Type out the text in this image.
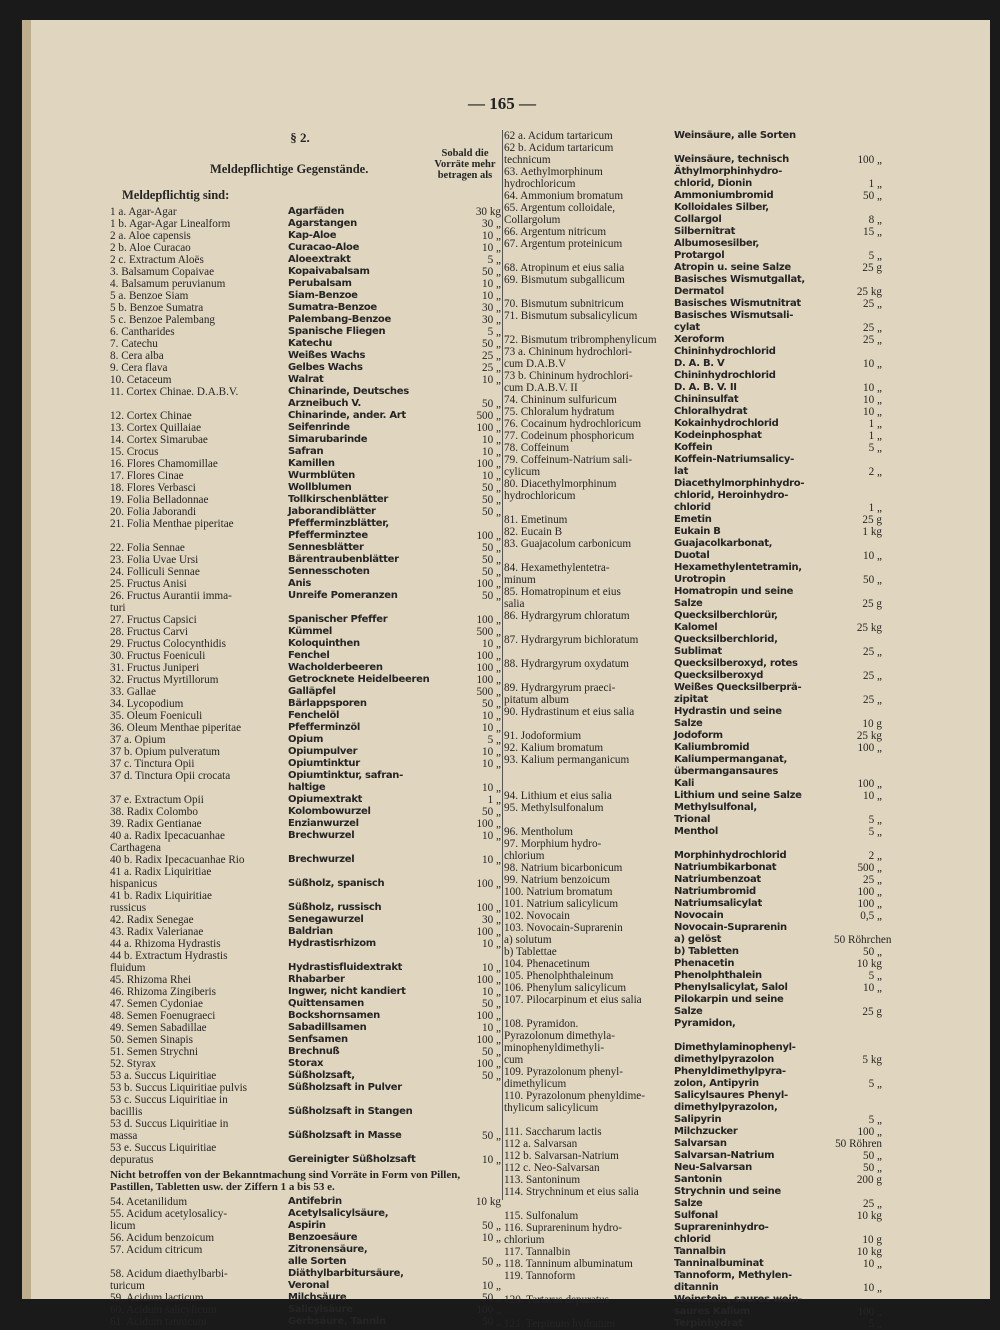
— 165 —
§ 2.
Meldepflichtige Gegenstände.
Sobald die Vorräte mehr betragen als
Meldepflichtig sind:
1 a. Agar-Agar	Agarfäden	30 kg
1 b. Agar-Agar Linealform	Agarstangen	30 „
2 a. Aloe capensis	Kap-Aloe	10 „
2 b. Aloe Curacao	Curacao-Aloe	10 „
2 c. Extractum Aloës	Aloeextrakt	5 „
3. Balsamum Copaivae	Kopaivabalsam	50 „
4. Balsamum peruvianum	Perubalsam	10 „
5 a. Benzoe Siam	Siam-Benzoe	10 „
5 b. Benzoe Sumatra	Sumatra-Benzoe	30 „
5 c. Benzoe Palembang	Palembang-Benzoe	30 „
6. Cantharides	Spanische Fliegen	5 „
7. Catechu	Katechu	50 „
8. Cera alba	Weißes Wachs	25 „
9. Cera flava	Gelbes Wachs	25 „
10. Cetaceum	Walrat	10 „
11. Cortex Chinae. D.A.B.V.	Chinarinde, Deutsches
Arzneibuch V.	50 „
12. Cortex Chinae	Chinarinde, ander. Art	500 „
13. Cortex Quillaiae	Seifenrinde	100 „
14. Cortex Simarubae	Simarubarinde	10 „
15. Crocus	Safran	10 „
16. Flores Chamomillae	Kamillen	100 „
17. Flores Cinae	Wurmblüten	10 „
18. Flores Verbasci	Wollblumen	50 „
19. Folia Belladonnae	Tollkirschenblätter	50 „
20. Folia Jaborandi	Jaborandiblätter	50 „
21. Folia Menthae piperitae	Pfefferminzblätter,
Pfefferminztee	100 „
22. Folia Sennae	Sennesblätter	50 „
23. Folia Uvae Ursi	Bärentraubenblätter	50 „
24. Folliculi Sennae	Sennesschoten	50 „
25. Fructus Anisi	Anis	100 „
26. Fructus Aurantii imma-	Unreife Pomeranzen	50 „
turi
27. Fructus Capsici	Spanischer Pfeffer	100 „
28. Fructus Carvi	Kümmel	500 „
29. Fructus Colocynthidis	Koloquinthen	10 „
30. Fructus Foeniculi	Fenchel	100 „
31. Fructus Juniperi	Wacholderbeeren	100 „
32. Fructus Myrtillorum	Getrocknete Heidelbeeren	100 „
33. Gallae	Galläpfel	500 „
34. Lycopodium	Bärlappsporen	50 „
35. Oleum Foeniculi	Fenchelöl	10 „
36. Oleum Menthae piperitae	Pfefferminzöl	10 „
37 a. Opium	Opium	5 „
37 b. Opium pulveratum	Opiumpulver	10 „
37 c. Tinctura Opii	Opiumtinktur	10 „
37 d. Tinctura Opii crocata	Opiumtinktur, safran-
haltige	10 „
37 e. Extractum Opii	Opiumextrakt	1 „
38. Radix Colombo	Kolombowurzel	50 „
39. Radix Gentianae	Enzianwurzel	100 „
40 a. Radix Ipecacuanhae	Brechwurzel	10 „
Carthagena
40 b. Radix Ipecacuanhae Rio	Brechwurzel	10 „
41 a. Radix Liquiritiae
hispanicus	Süßholz, spanisch	100 „
41 b. Radix Liquiritiae
russicus	Süßholz, russisch	100 „
42. Radix Senegae	Senegawurzel	30 „
43. Radix Valerianae	Baldrian	100 „
44 a. Rhizoma Hydrastis	Hydrastisrhizom	10 „
44 b. Extractum Hydrastis
fluidum	Hydrastisfluidextrakt	10 „
45. Rhizoma Rhei	Rhabarber	100 „
46. Rhizoma Zingiberis	Ingwer, nicht kandiert	10 „
47. Semen Cydoniae	Quittensamen	50 „
48. Semen Foenugraeci	Bockshornsamen	100 „
49. Semen Sabadillae	Sabadillsamen	10 „
50. Semen Sinapis	Senfsamen	100 „
51. Semen Strychni	Brechnuß	50 „
52. Styrax	Storax	100 „
53 a. Succus Liquiritiae	Süßholzsaft,	50 „
53 b. Succus Liquiritiae pulvis	Süßholzsaft in Pulver
53 c. Succus Liquiritiae in
bacillis	Süßholzsaft in Stangen
53 d. Succus Liquiritiae in
massa	Süßholzsaft in Masse	50 „
53 e. Succus Liquiritiae
depuratus	Gereinigter Süßholzsaft	10 „
Nicht betroffen von der Bekanntmachung sind Vorräte in Form von Pillen, Pastillen, Tabletten usw. der Ziffern 1 a bis 53 e.
54. Acetanilidum	Antifebrin	10 kg
55. Acidum acetylosalicy-	Acetylsalicylsäure,
licum	Aspirin	50 „
56. Acidum benzoicum	Benzoesäure	10 „
57. Acidum citricum	Zitronensäure,
alle Sorten	50 „
58. Acidum diaethylbarbi-	Diäthylbarbitursäure,
turicum	Veronal	10 „
59. Acidum lacticum	Milchsäure	50 „
60. Acidum salicylicum	Salicylsäure	100 „
61. Acidum tannicum	Gerbsäure, Tannin	50 „
62 a. Acidum tartaricum	Weinsäure, alle Sorten
62 b. Acidum tartaricum
technicum	Weinsäure, technisch	100 „
63. Aethylmorphinum	Äthylmorphinhydro-
hydrochloricum	chlorid, Dionin	1 „
64. Ammonium bromatum	Ammoniumbromid	50 „
65. Argentum colloidale,	Kolloidales Silber,
Collargolum	Collargol	8 „
66. Argentum nitricum	Silbernitrat	15 „
67. Argentum proteinicum	Albumosesilber,
Protargol	5 „
68. Atropinum et eius salia	Atropin u. seine Salze	25 g
69. Bismutum subgallicum	Basisches Wismutgallat,
Dermatol	25 kg
70. Bismutum subnitricum	Basisches Wismutnitrat	25 „
71. Bismutum subsalicylicum	Basisches Wismutsali-
cylat	25 „
72. Bismutum tribromphenylicum	Xeroform	25 „
73 a. Chininum hydrochlori-	Chininhydrochlorid
cum D.A.B.V	D. A. B. V	10 „
73 b. Chininum hydrochlori-	Chininhydrochlorid
cum D.A.B.V. II	D. A. B. V. II	10 „
74. Chininum sulfuricum	Chininsulfat	10 „
75. Chloralum hydratum	Chloralhydrat	10 „
76. Cocainum hydrochloricum	Kokainhydrochlorid	1 „
77. Codeinum phosphoricum	Kodeinphosphat	1 „
78. Coffeinum	Koffein	5 „
79. Coffeinum-Natrium sali-	Koffein-Natriumsalicy-
cylicum	lat	2 „
80. Diacethylmorphinum	Diacethylmorphinhydro-
hydrochloricum	chlorid, Heroinhydro-
chlorid	1 „
81. Emetinum	Emetin	25 g
82. Eucain B	Eukain B	1 kg
83. Guajacolum carbonicum	Guajacolkarbonat,
Duotal	10 „
84. Hexamethylentetra-	Hexamethylentetramin,
minum	Urotropin	50 „
85. Homatropinum et eius	Homatropin und seine
salia	Salze	25 g
86. Hydrargyrum chloratum	Quecksilberchlorür,
Kalomel	25 kg
87. Hydrargyrum bichloratum	Quecksilberchlorid,
Sublimat	25 „
88. Hydrargyrum oxydatum	Quecksilberoxyd, rotes
Quecksilberoxyd	25 „
89. Hydrargyrum praeci-	Weißes Quecksilberprä-
pitatum album	zipitat	25 „
90. Hydrastinum et eius salia	Hydrastin und seine
Salze	10 g
91. Jodoformium	Jodoform	25 kg
92. Kalium bromatum	Kaliumbromid	100 „
93. Kalium permanganicum	Kaliumpermanganat,
übermangansaures
Kali	100 „
94. Lithium et eius salia	Lithium und seine Salze	10 „
95. Methylsulfonalum	Methylsulfonal,
Trional	5 „
96. Mentholum	Menthol	5 „
97. Morphium hydro-
chlorium	Morphinhydrochlorid	2 „
98. Natrium bicarbonicum	Natriumbikarbonat	500 „
99. Natrium benzoicum	Natriumbenzoat	25 „
100. Natrium bromatum	Natriumbromid	100 „
101. Natrium salicylicum	Natriumsalicylat	100 „
102. Novocain	Novocain	0,5 „
103. Novocain-Suprarenin	Novocain-Suprarenin
a) solutum	a) gelöst	50 Röhrchen
b) Tablettae	b) Tabletten	50 „
104. Phenacetinum	Phenacetin	10 kg
105. Phenolphthaleinum	Phenolphthalein	5 „
106. Phenylum salicylicum	Phenylsalicylat, Salol	10 „
107. Pilocarpinum et eius salia	Pilokarpin und seine
Salze	25 g
108. Pyramidon.	Pyramidon,
Pyrazolonum dimethyla-
minophenyldimethyli-	Dimethylaminophenyl-
cum	dimethylpyrazolon	5 kg
109. Pyrazolonum phenyl-	Phenyldimethylpyra-
dimethylicum	zolon, Antipyrin	5 „
110. Pyrazolonum phenyldime-	Salicylsaures Phenyl-
thylicum salicylicum	dimethylpyrazolon,
Salipyrin	5 „
111. Saccharum lactis	Milchzucker	100 „
112 a. Salvarsan	Salvarsan	50 Röhren
112 b. Salvarsan-Natrium	Salvarsan-Natrium	50 „
112 c. Neo-Salvarsan	Neu-Salvarsan	50 „
113. Santoninum	Santonin	200 g
114. Strychninum et eius salia	Strychnin und seine
Salze	25 „
115. Sulfonalum	Sulfonal	10 kg
116. Suprareninum hydro-	Suprareninhydro-
chlorium	chlorid	10 g
117. Tannalbin	Tannalbin	10 kg
118. Tanninum albuminatum	Tanninalbuminat	10 „
119. Tannoform	Tannoform, Methylen-
ditannin	10 „
120. Tartarus depuratus	Weinstein, saures wein-
saures Kalium	100 „
121. Terpinum hydratum	Terpinhydrat	5 „
